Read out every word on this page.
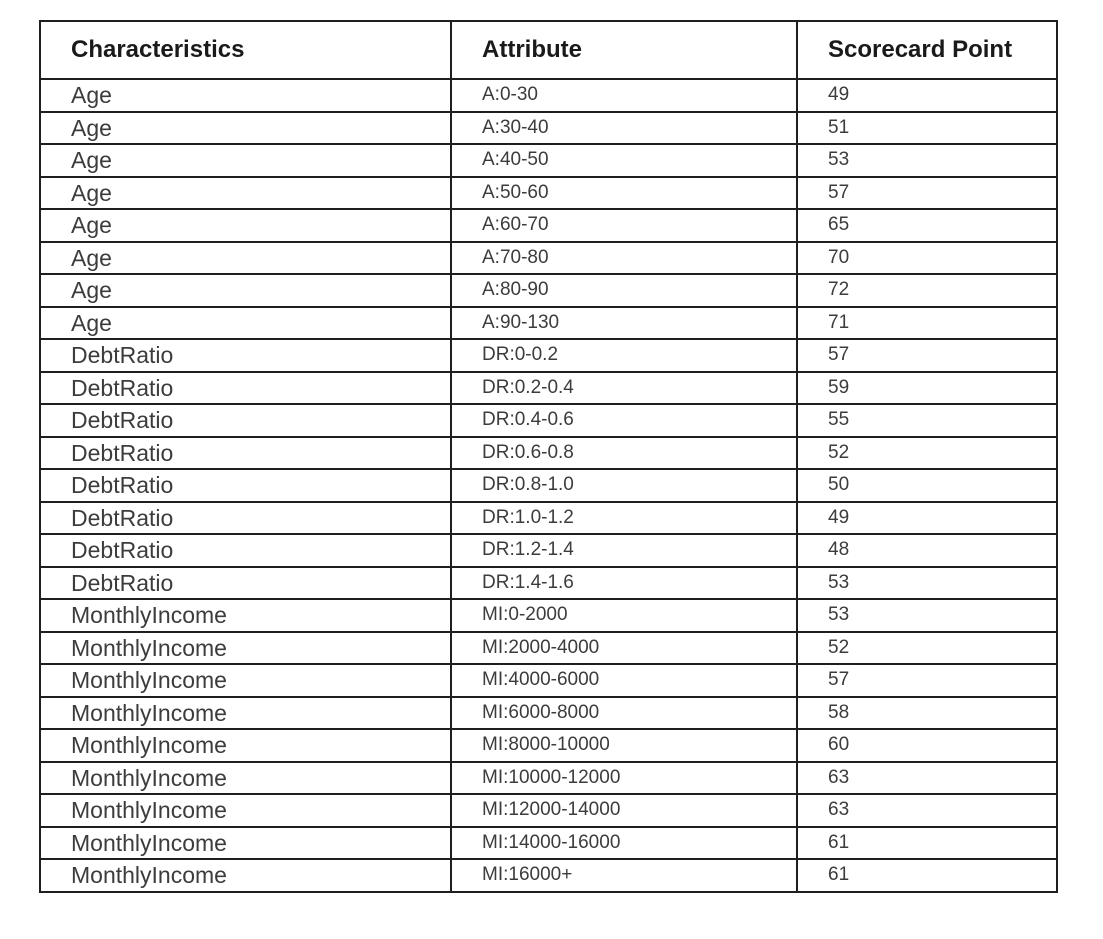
Characteristics	Attribute	Scorecard Point
Age	A:0-30	49
Age	A:30-40	51
Age	A:40-50	53
Age	A:50-60	57
Age	A:60-70	65
Age	A:70-80	70
Age	A:80-90	72
Age	A:90-130	71
DebtRatio	DR:0-0.2	57
DebtRatio	DR:0.2-0.4	59
DebtRatio	DR:0.4-0.6	55
DebtRatio	DR:0.6-0.8	52
DebtRatio	DR:0.8-1.0	50
DebtRatio	DR:1.0-1.2	49
DebtRatio	DR:1.2-1.4	48
DebtRatio	DR:1.4-1.6	53
MonthlyIncome	MI:0-2000	53
MonthlyIncome	MI:2000-4000	52
MonthlyIncome	MI:4000-6000	57
MonthlyIncome	MI:6000-8000	58
MonthlyIncome	MI:8000-10000	60
MonthlyIncome	MI:10000-12000	63
MonthlyIncome	MI:12000-14000	63
MonthlyIncome	MI:14000-16000	61
MonthlyIncome	MI:16000+	61
